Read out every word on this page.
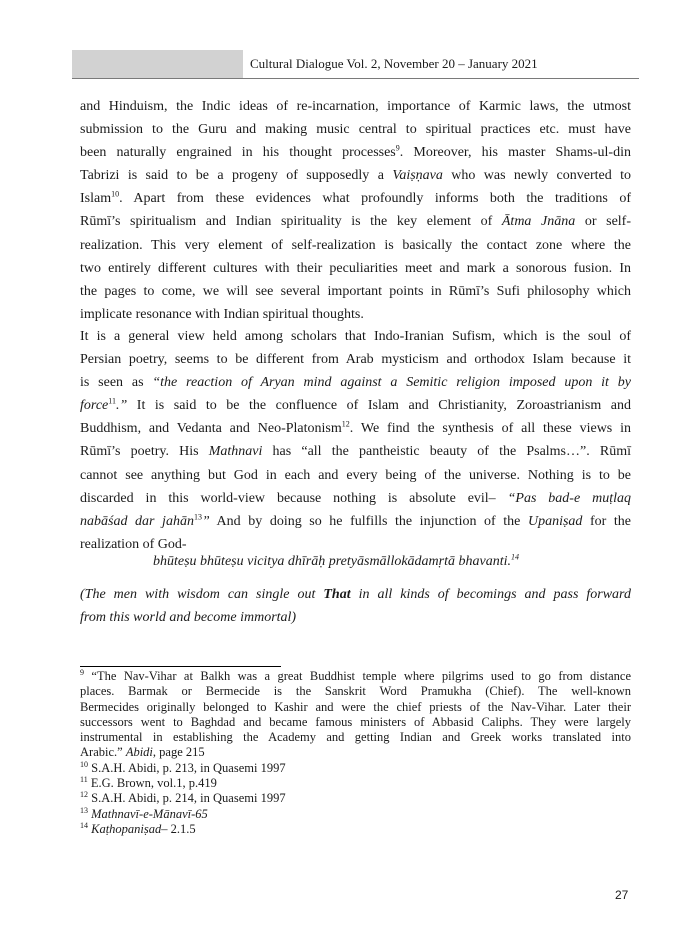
Cultural Dialogue Vol. 2, November 20 – January 2021
and Hinduism, the Indic ideas of re-incarnation, importance of Karmic laws, the utmost
submission to the Guru and making music central to spiritual practices etc. must have
been naturally engrained in his thought processes$^9$. Moreover, his master Shams-ul-din
Tabrizi is said to be a progeny of supposedly a Vaiṣṇava who was newly converted to
Islam$^{10}$. Apart from these evidences what profoundly informs both the traditions of
Rūmī’s spiritualism and Indian spirituality is the key element of Ātma Jnāna or self-
realization. This very element of self-realization is basically the contact zone where the
two entirely different cultures with their peculiarities meet and mark a sonorous fusion. In
the pages to come, we will see several important points in Rūmī’s Sufi philosophy which
implicate resonance with Indian spiritual thoughts.
It is a general view held among scholars that Indo-Iranian Sufism, which is the soul of
Persian poetry, seems to be different from Arab mysticism and orthodox Islam because it
is seen as “the reaction of Aryan mind against a Semitic religion imposed upon it by
force$^{11}$.” It is said to be the confluence of Islam and Christianity, Zoroastrianism and
Buddhism, and Vedanta and Neo-Platonism$^{12}$. We find the synthesis of all these views in
Rūmī’s poetry. His Mathnavi has “all the pantheistic beauty of the Psalms…”. Rūmī
cannot see anything but God in each and every being of the universe. Nothing is to be
discarded in this world-view because nothing is absolute evil– “Pas bad-e muṭlaq
nabāśad dar jahān$^{13}$” And by doing so he fulfills the injunction of the Upaniṣad for the
realization of God-
bhūteṣu bhūteṣu vicitya dhīrāḥ pretyāsmāllokādamṛtā bhavanti.$^{14}$
(The men with wisdom can single out That in all kinds of becomings and pass forward
from this world and become immortal)
$^9$ “The Nav-Vihar at Balkh was a great Buddhist temple where pilgrims used to go from distance
places. Barmak or Bermecide is the Sanskrit Word Pramukha (Chief). The well-known
Bermecides originally belonged to Kashir and were the chief priests of the Nav-Vihar. Later their
successors went to Baghdad and became famous ministers of Abbasid Caliphs. They were largely
instrumental in establishing the Academy and getting Indian and Greek works translated into
Arabic.” Abidi, page 215
$^{10}$ S.A.H. Abidi, p. 213, in Quasemi 1997
$^{11}$ E.G. Brown, vol.1, p.419
$^{12}$ S.A.H. Abidi, p. 214, in Quasemi 1997
$^{13}$ Mathnavī-e-Mānavī-65
$^{14}$ Kaṭhopaniṣad– 2.1.5
27
